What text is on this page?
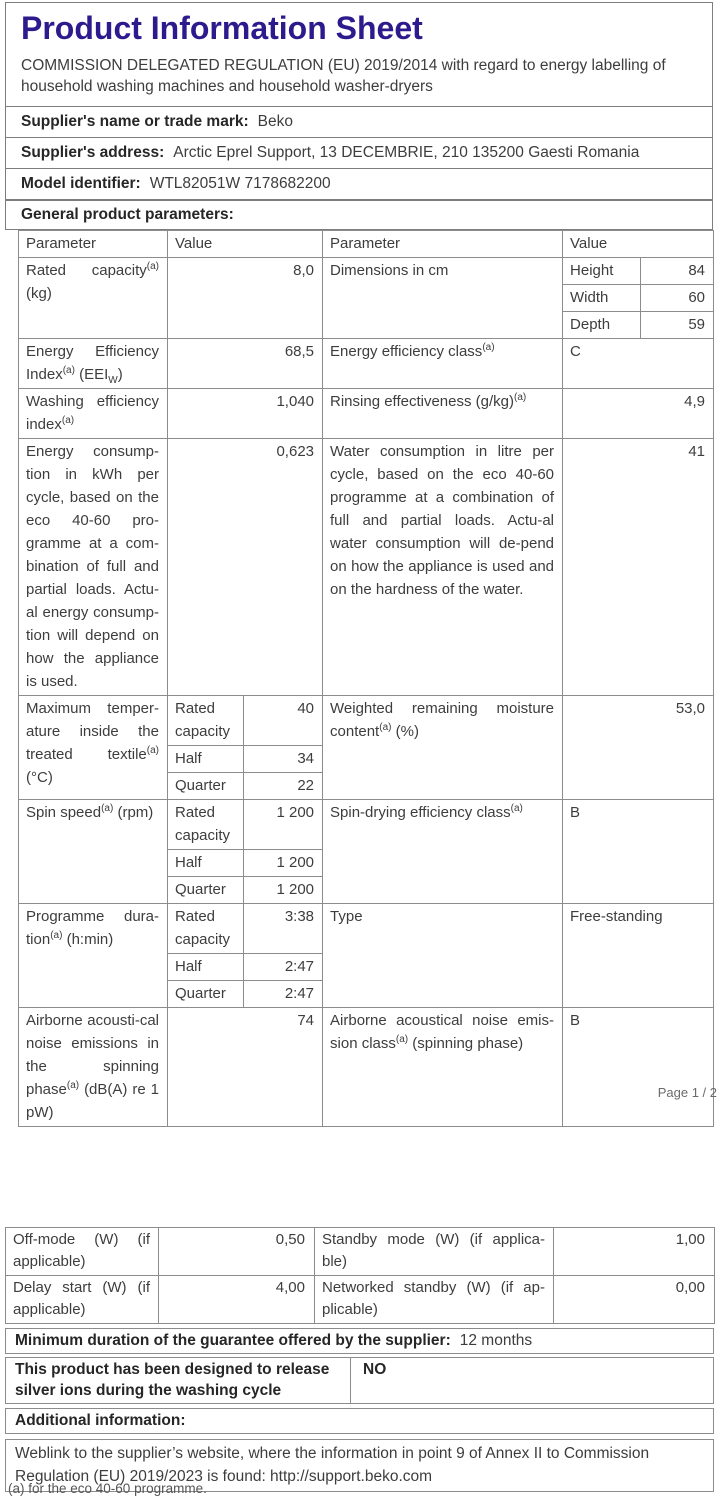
Product Information Sheet
COMMISSION DELEGATED REGULATION (EU) 2019/2014 with regard to energy labelling of household washing machines and household washer-dryers
Supplier's name or trade mark: Beko
Supplier's address: Arctic Eprel Support, 13 DECEMBRIE, 210 135200 Gaesti Romania
Model identifier: WTL82051W 7178682200
General product parameters:
Parameter	Value		Parameter	Value	
Rated capacity$^{(a)}$ (kg)	8,0		Dimensions in cm	Height	84
				Width	60
				Depth	59
Energy Efficiency Index$^{(a)}$ $(EEI_W)$	68,5		Energy efficiency class$^{(a)}$	C	
Washing efficiency index$^{(a)}$	1,040		Rinsing effectiveness $(g/kg)^{(a)}$	4,9	
Energy consump-tion in kWh per cycle, based on the eco 40-60 pro-gramme at a com-bination of full and partial loads. Actu-al energy consump-tion will depend on how the appliance is used.	0,623		Water consumption in litre per cycle, based on the eco 40-60 programme at a combination of full and partial loads. Actu-al water consumption will de-pend on how the appliance is used and on the hardness of the water.	41	
Maximum temper-ature inside the treated textile$^{(a)}$ (°C)	Rated capacity	40	Weighted remaining moisture content$^{(a)}$ (%)	53,0	
	Half	34			
	Quarter	22			
Spin speed$^{(a)}$ (rpm)	Rated capacity	1 200	Spin-drying efficiency class$^{(a)}$	B	
	Half	1 200			
	Quarter	1 200			
Programme dura-tion$^{(a)}$ (h:min)	Rated capacity	3:38	Type	Free-standing	
	Half	2:47			
	Quarter	2:47			
Airborne acousti-cal noise emissions in the spinning phase$^{(a)}$ (dB(A) re 1 pW)	74		Airborne acoustical noise emis-sion class$^{(a)}$ (spinning phase)	B	
Page 1 / 2
Off-mode (W) (if applicable)	0,50	Standby mode (W) (if applica-ble)	1,00
Delay start (W) (if applicable)	4,00	Networked standby (W) (if ap-plicable)	0,00
Minimum duration of the guarantee offered by the supplier: 12 months
This product has been designed to release silver ions during the washing cycle
NO
Additional information:
Weblink to the supplier’s website, where the information in point 9 of Annex II to Commission Regulation (EU) 2019/2023 is found: http://support.beko.com
(a) for the eco 40-60 programme.
